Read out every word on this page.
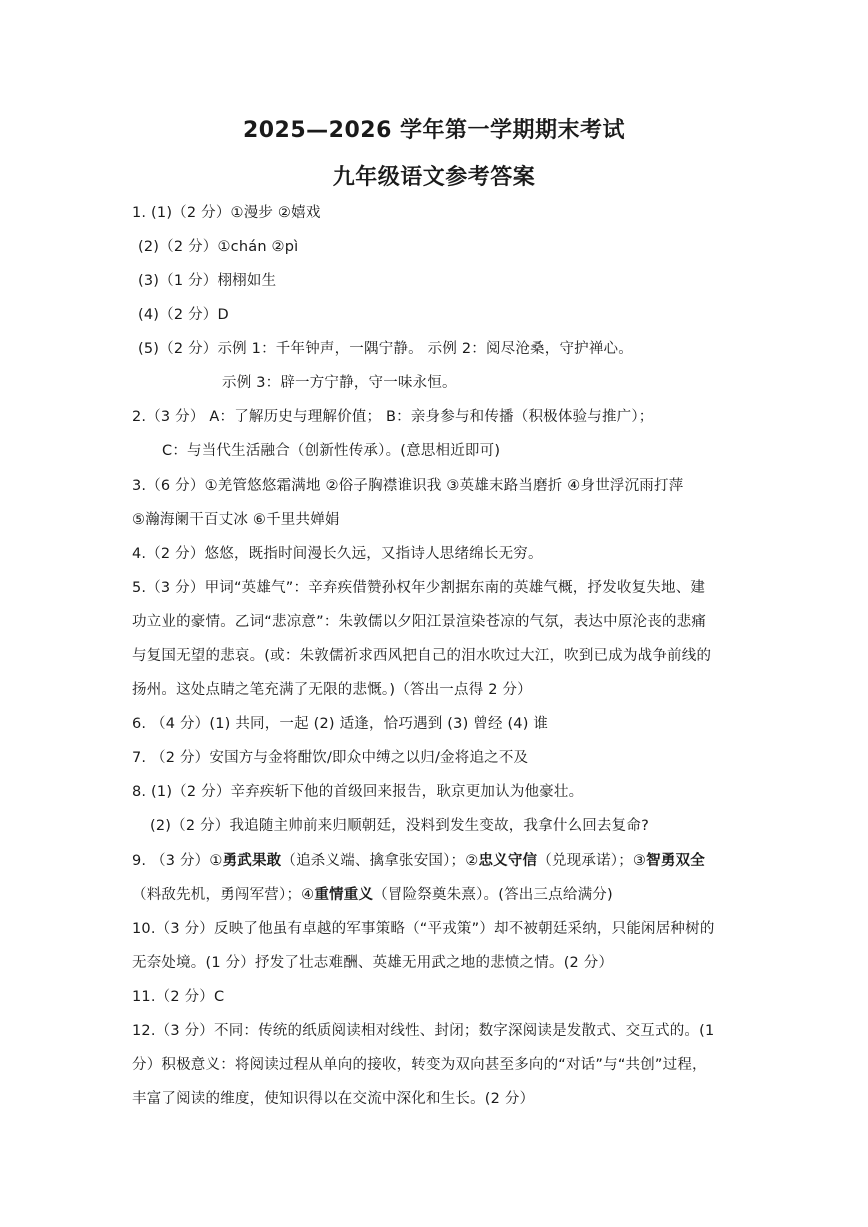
2025—2026 学年第一学期期末考试
九年级语文参考答案
1. (1)（2 分）①漫步 ②嬉戏
(2)（2 分）①chán ②pì
(3)（1 分）栩栩如生
(4)（2 分）D
(5)（2 分）示例 1：千年钟声，一隅宁静。 示例 2：阅尽沧桑，守护禅心。
示例 3：辟一方宁静，守一味永恒。
2.（3 分） A：了解历史与理解价值； B：亲身参与和传播（积极体验与推广）；
C：与当代生活融合（创新性传承）。(意思相近即可)
3.（6 分）①羌管悠悠霜满地 ②俗子胸襟谁识我 ③英雄末路当磨折 ④身世浮沉雨打萍
⑤瀚海阑干百丈冰 ⑥千里共婵娟
4.（2 分）悠悠，既指时间漫长久远，又指诗人思绪绵长无穷。
5.（3 分）甲词“英雄气”：辛弃疾借赞孙权年少割据东南的英雄气概，抒发收复失地、建
功立业的豪情。乙词“悲凉意”：朱敦儒以夕阳江景渲染苍凉的气氛，表达中原沦丧的悲痛
与复国无望的悲哀。(或：朱敦儒祈求西风把自己的泪水吹过大江，吹到已成为战争前线的
扬州。这处点睛之笔充满了无限的悲慨。)（答出一点得 2 分）
6. （4 分）(1) 共同，一起 (2) 适逢，恰巧遇到 (3) 曾经 (4) 谁
7. （2 分）安国方与金将酣饮/即众中缚之以归/金将追之不及
8. (1)（2 分）辛弃疾斩下他的首级回来报告，耿京更加认为他豪壮。
(2)（2 分）我追随主帅前来归顺朝廷，没料到发生变故，我拿什么回去复命?
9. （3 分）①勇武果敢（追杀义端、擒拿张安国）；②忠义守信（兑现承诺）；③智勇双全
（料敌先机，勇闯军营）；④重情重义（冒险祭奠朱熹）。(答出三点给满分)
10.（3 分）反映了他虽有卓越的军事策略（“平戎策”）却不被朝廷采纳，只能闲居种树的
无奈处境。(1 分）抒发了壮志难酬、英雄无用武之地的悲愤之情。(2 分）
11.（2 分）C
12.（3 分）不同：传统的纸质阅读相对线性、封闭；数字深阅读是发散式、交互式的。(1
分）积极意义：将阅读过程从单向的接收，转变为双向甚至多向的“对话”与“共创”过程，
丰富了阅读的维度，使知识得以在交流中深化和生长。(2 分）
